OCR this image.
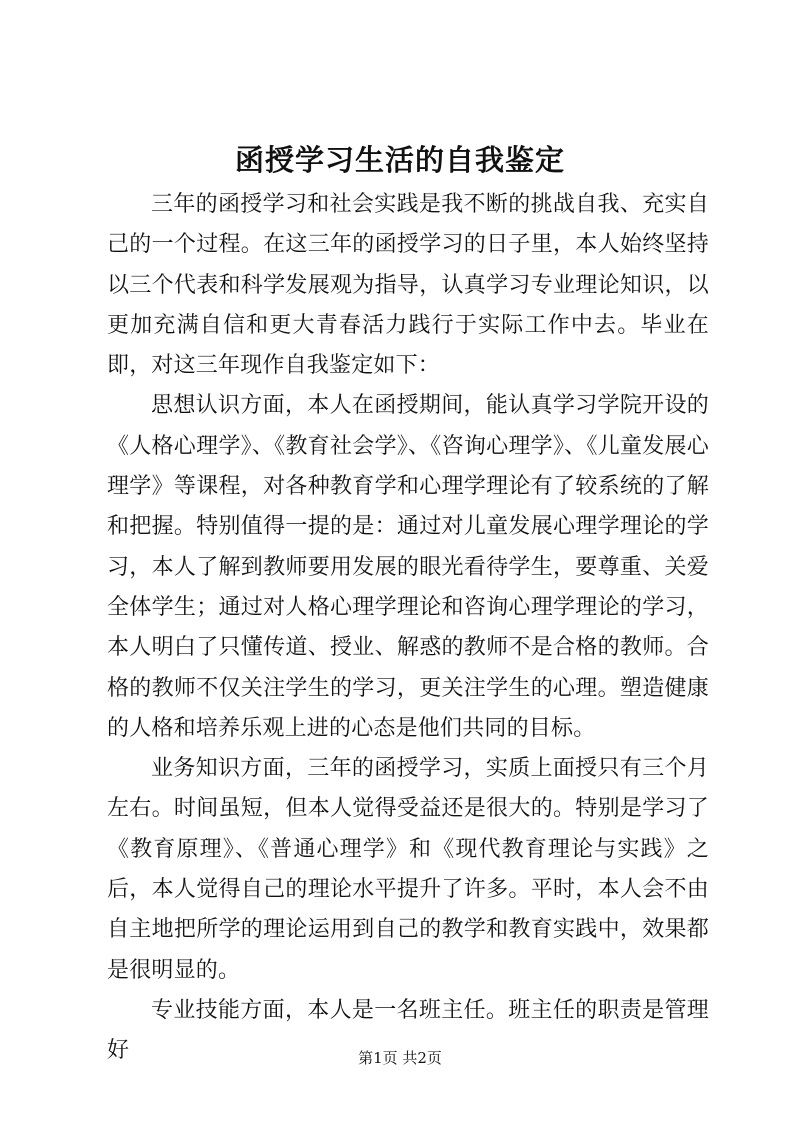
函授学习生活的自我鉴定

三年的函授学习和社会实践是我不断的挑战自我、充实自己的一个过程。在这三年的函授学习的日子里，本人始终坚持以三个代表和科学发展观为指导，认真学习专业理论知识，以更加充满自信和更大青春活力践行于实际工作中去。毕业在即，对这三年现作自我鉴定如下：

思想认识方面，本人在函授期间，能认真学习学院开设的《人格心理学》、《教育社会学》、《咨询心理学》、《儿童发展心理学》等课程，对各种教育学和心理学理论有了较系统的了解和把握。特别值得一提的是：通过对儿童发展心理学理论的学习，本人了解到教师要用发展的眼光看待学生，要尊重、关爱全体学生；通过对人格心理学理论和咨询心理学理论的学习，本人明白了只懂传道、授业、解惑的教师不是合格的教师。合格的教师不仅关注学生的学习，更关注学生的心理。塑造健康的人格和培养乐观上进的心态是他们共同的目标。

业务知识方面，三年的函授学习，实质上面授只有三个月左右。时间虽短，但本人觉得受益还是很大的。特别是学习了《教育原理》、《普通心理学》和《现代教育理论与实践》之后，本人觉得自己的理论水平提升了许多。平时，本人会不由自主地把所学的理论运用到自己的教学和教育实践中，效果都是很明显的。

专业技能方面，本人是一名班主任。班主任的职责是管理好	第1页 共2页
